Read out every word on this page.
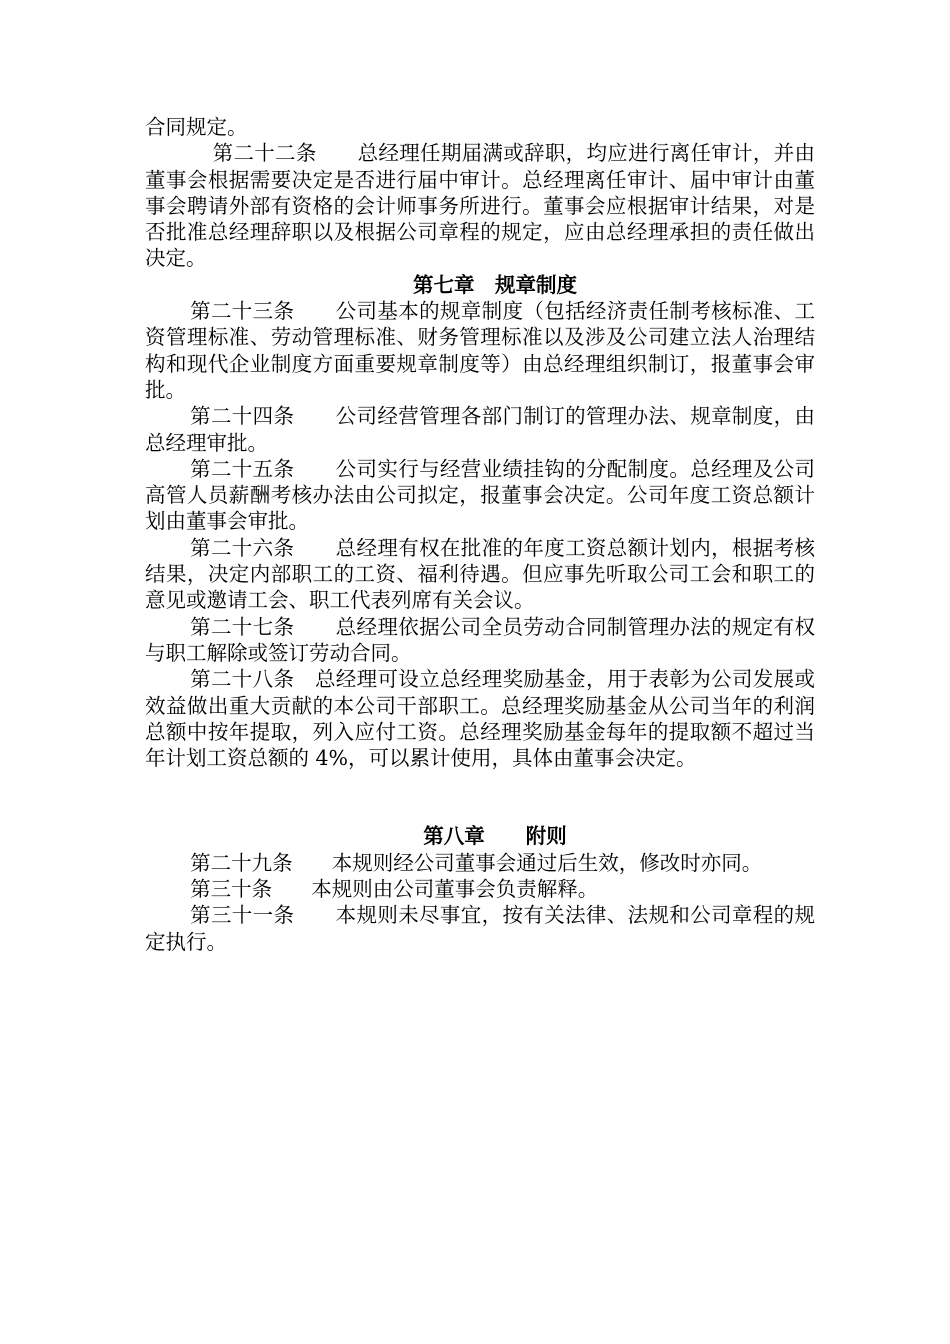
合同规定。

第二十二条 总经理任期届满或辞职，均应进行离任审计，并由董事会根据需要决定是否进行届中审计。总经理离任审计、届中审计由董事会聘请外部有资格的会计师事务所进行。董事会应根据审计结果，对是否批准总经理辞职以及根据公司章程的规定，应由总经理承担的责任做出决定。

第七章　规章制度

第二十三条 公司基本的规章制度（包括经济责任制考核标准、工资管理标准、劳动管理标准、财务管理标准以及涉及公司建立法人治理结构和现代企业制度方面重要规章制度等）由总经理组织制订，报董事会审批。

第二十四条 公司经营管理各部门制订的管理办法、规章制度，由总经理审批。

第二十五条 公司实行与经营业绩挂钩的分配制度。总经理及公司高管人员薪酬考核办法由公司拟定，报董事会决定。公司年度工资总额计划由董事会审批。

第二十六条 总经理有权在批准的年度工资总额计划内，根据考核结果，决定内部职工的工资、福利待遇。但应事先听取公司工会和职工的意见或邀请工会、职工代表列席有关会议。

第二十七条 总经理依据公司全员劳动合同制管理办法的规定有权与职工解除或签订劳动合同。

第二十八条 总经理可设立总经理奖励基金，用于表彰为公司发展或效益做出重大贡献的本公司干部职工。总经理奖励基金从公司当年的利润总额中按年提取，列入应付工资。总经理奖励基金每年的提取额不超过当年计划工资总额的 4%，可以累计使用，具体由董事会决定。

第八章　　附则

第二十九条 本规则经公司董事会通过后生效，修改时亦同。

第三十条 本规则由公司董事会负责解释。

第三十一条 本规则未尽事宜，按有关法律、法规和公司章程的规定执行。
